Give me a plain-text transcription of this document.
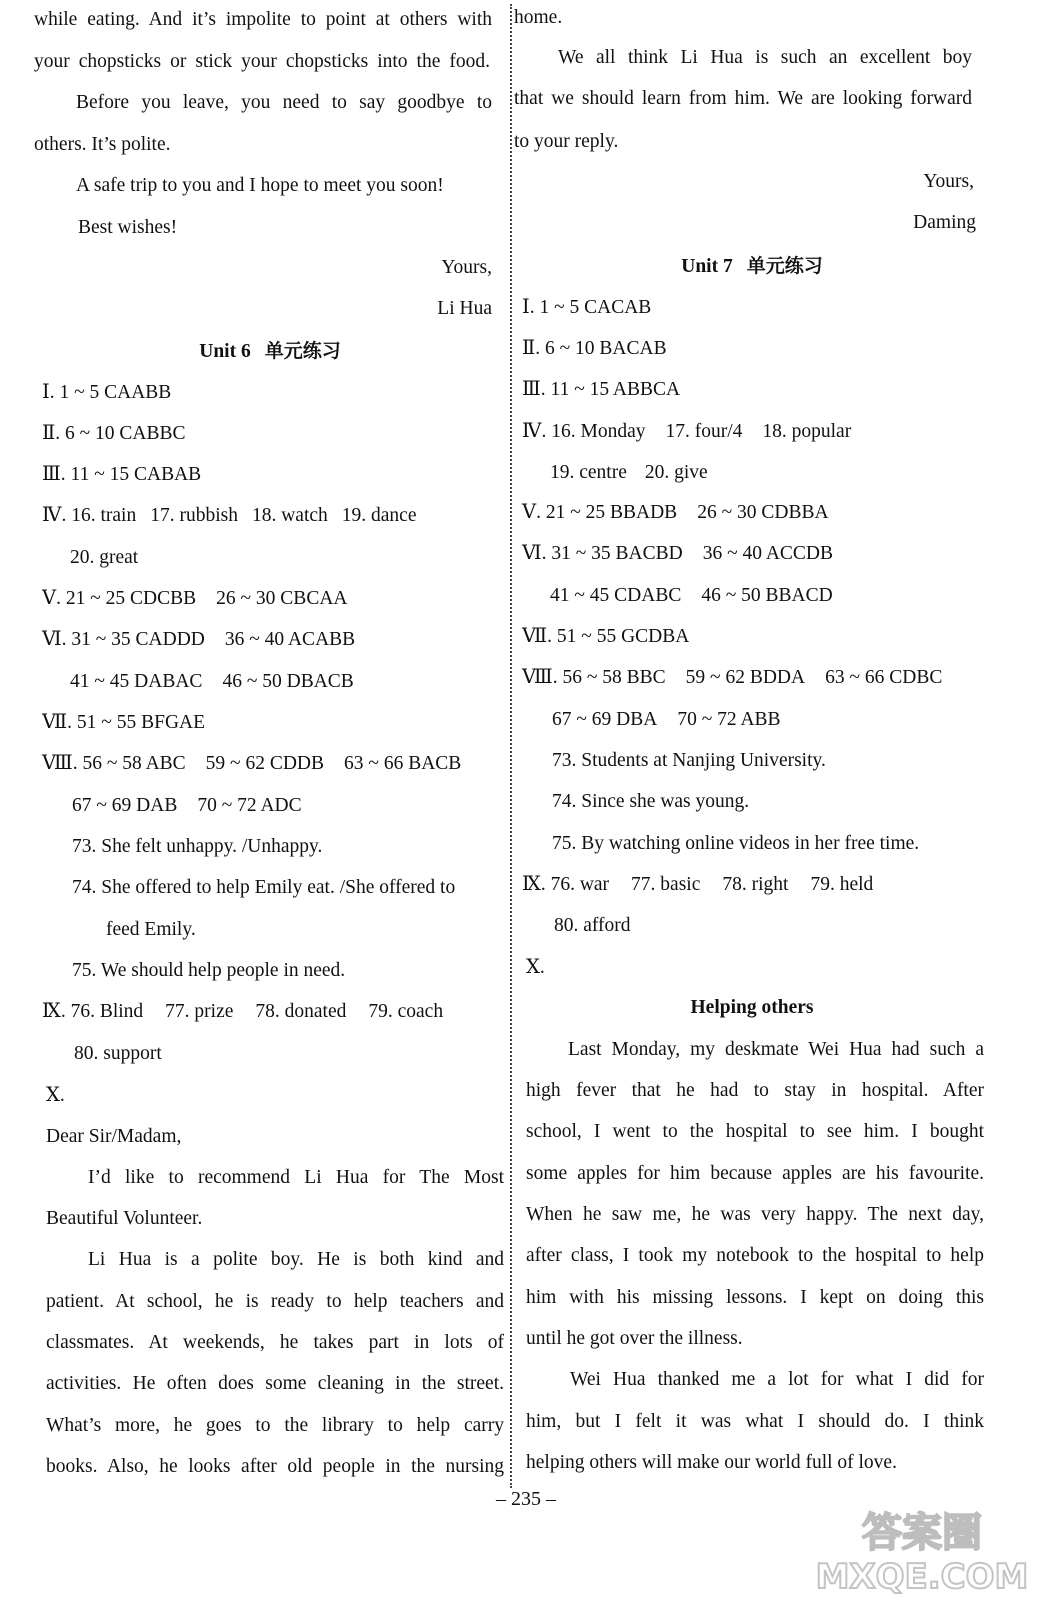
while eating. And it’s impolite to point at others with
your chopsticks or stick your chopsticks into the food.
Before you leave, you need to say goodbye to
others. It’s polite.
A safe trip to you and I hope to meet you soon!
Best wishes!
Yours,
Li Hua
Unit 6 单元练习
Ⅰ. 1 ~ 5 CAABB
Ⅱ. 6 ~ 10 CABBC
Ⅲ. 11 ~ 15 CABAB
Ⅳ. 16. train 17. rubbish 18. watch 19. dance
20. great
Ⅴ. 21 ~ 25 CDCBB 26 ~ 30 CBCAA
Ⅵ. 31 ~ 35 CADDD 36 ~ 40 ACABB
41 ~ 45 DABAC 46 ~ 50 DBACB
Ⅶ. 51 ~ 55 BFGAE
Ⅷ. 56 ~ 58 ABC 59 ~ 62 CDDB 63 ~ 66 BACB
67 ~ 69 DAB 70 ~ 72 ADC
73. She felt unhappy. /Unhappy.
74. She offered to help Emily eat. /She offered to
feed Emily.
75. We should help people in need.
Ⅸ. 76. Blind 77. prize 78. donated 79. coach
80. support
Ⅹ.
Dear Sir/Madam,
I’d like to recommend Li Hua for The Most
Beautiful Volunteer.
Li Hua is a polite boy. He is both kind and
patient. At school, he is ready to help teachers and
classmates. At weekends, he takes part in lots of
activities. He often does some cleaning in the street.
What’s more, he goes to the library to help carry
books. Also, he looks after old people in the nursing
home.
We all think Li Hua is such an excellent boy
that we should learn from him. We are looking forward
to your reply.
Yours,
Daming
Unit 7 单元练习
Ⅰ. 1 ~ 5 CACAB
Ⅱ. 6 ~ 10 BACAB
Ⅲ. 11 ~ 15 ABBCA
Ⅳ. 16. Monday 17. four/4 18. popular
19. centre 20. give
Ⅴ. 21 ~ 25 BBADB 26 ~ 30 CDBBA
Ⅵ. 31 ~ 35 BACBD 36 ~ 40 ACCDB
41 ~ 45 CDABC 46 ~ 50 BBACD
Ⅶ. 51 ~ 55 GCDBA
Ⅷ. 56 ~ 58 BBC 59 ~ 62 BDDA 63 ~ 66 CDBC
67 ~ 69 DBA 70 ~ 72 ABB
73. Students at Nanjing University.
74. Since she was young.
75. By watching online videos in her free time.
Ⅸ. 76. war 77. basic 78. right 79. held
80. afford
Ⅹ.
Helping others
Last Monday, my deskmate Wei Hua had such a
high fever that he had to stay in hospital. After
school, I went to the hospital to see him. I bought
some apples for him because apples are his favourite.
When he saw me, he was very happy. The next day,
after class, I took my notebook to the hospital to help
him with his missing lessons. I kept on doing this
until he got over the illness.
Wei Hua thanked me a lot for what I did for
him, but I felt it was what I should do. I think
helping others will make our world full of love.
– 235 –
答案圈
MXQE.COM
